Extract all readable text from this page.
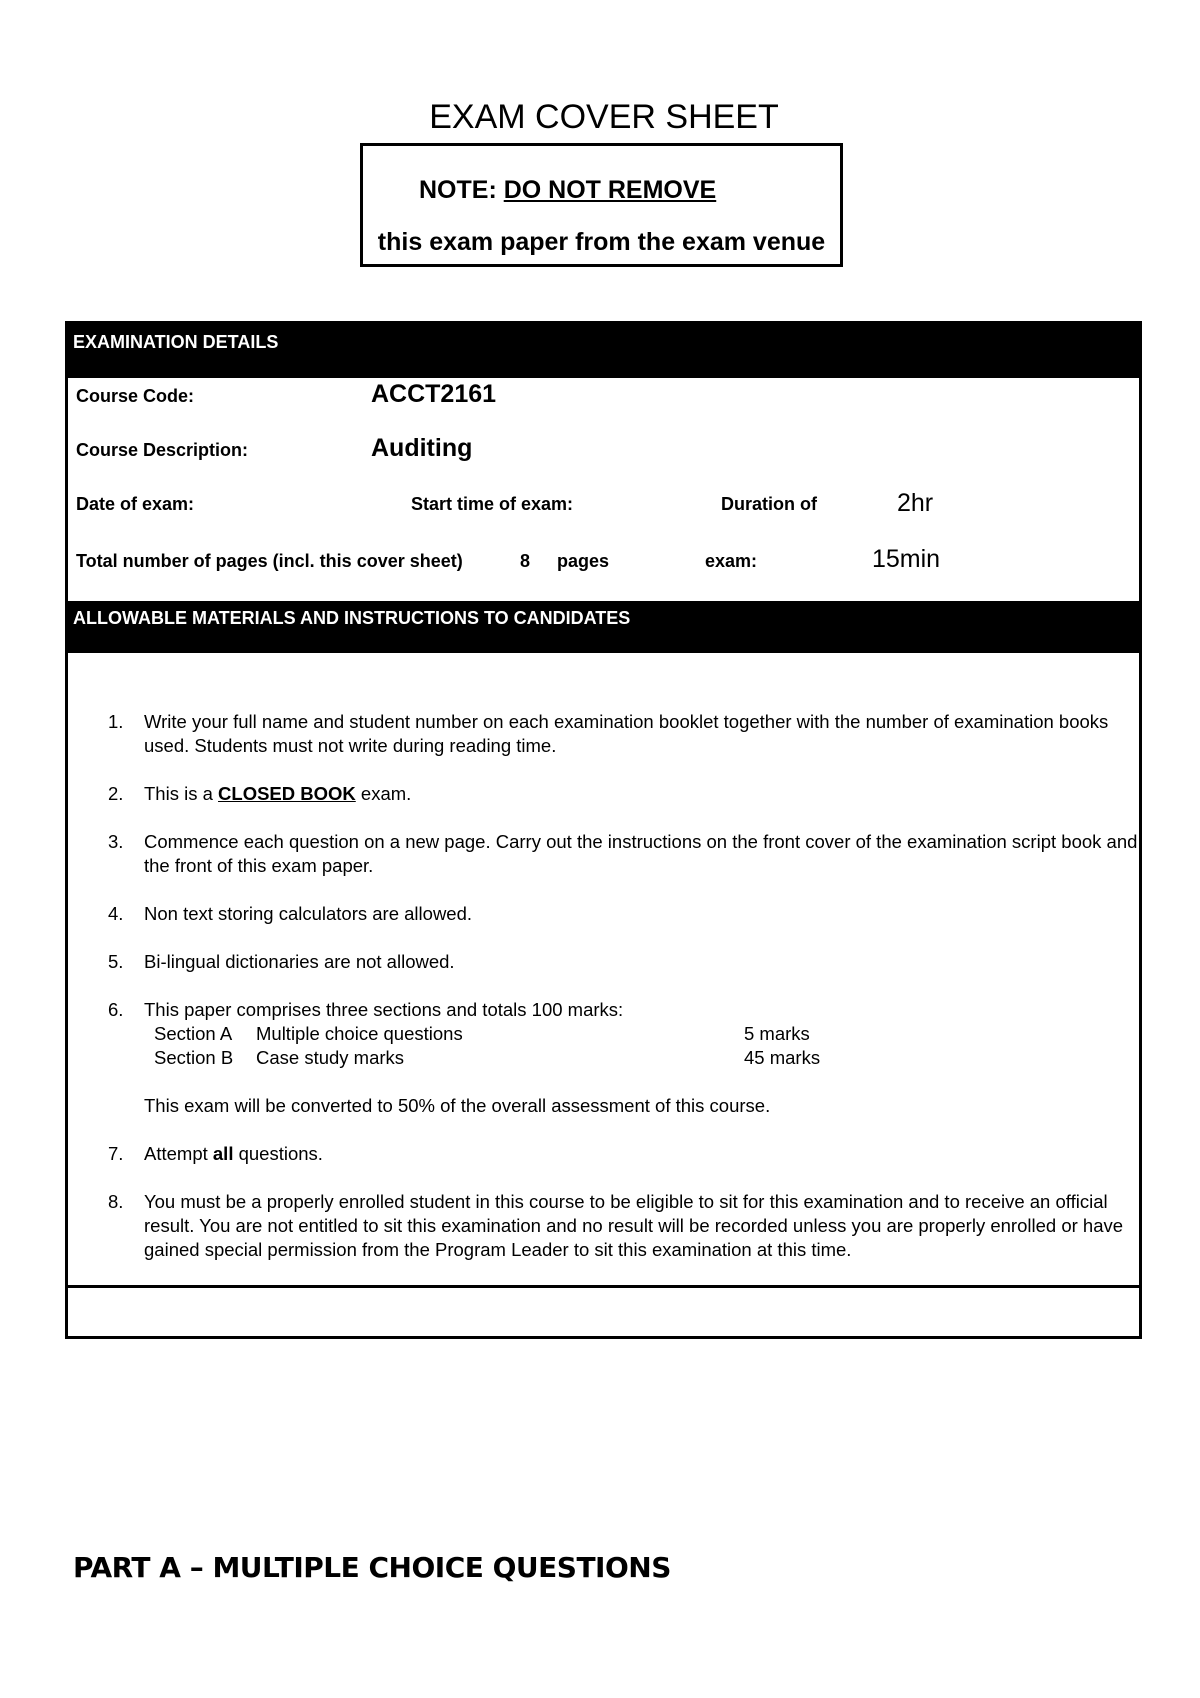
EXAM COVER SHEET
NOTE: DO NOT REMOVE
this exam paper from the exam venue
EXAMINATION DETAILS
Course Code:	ACCT2161
Course Description:	Auditing
Date of exam:	Start time of exam:	Duration of	2hr
Total number of pages (incl. this cover sheet)	8 pages	exam:	15min
ALLOWABLE MATERIALS AND INSTRUCTIONS TO CANDIDATES
1. Write your full name and student number on each examination booklet together with the number of examination books used. Students must not write during reading time.
2. This is a CLOSED BOOK exam.
3. Commence each question on a new page. Carry out the instructions on the front cover of the examination script book and the front of this exam paper.
4. Non text storing calculators are allowed.
5. Bi-lingual dictionaries are not allowed.
6. This paper comprises three sections and totals 100 marks:
Section A	Multiple choice questions	5 marks
Section B	Case study marks	45 marks
This exam will be converted to 50% of the overall assessment of this course.
7. Attempt all questions.
8. You must be a properly enrolled student in this course to be eligible to sit for this examination and to receive an official result. You are not entitled to sit this examination and no result will be recorded unless you are properly enrolled or have gained special permission from the Program Leader to sit this examination at this time.
PART A – MULTIPLE CHOICE QUESTIONS
